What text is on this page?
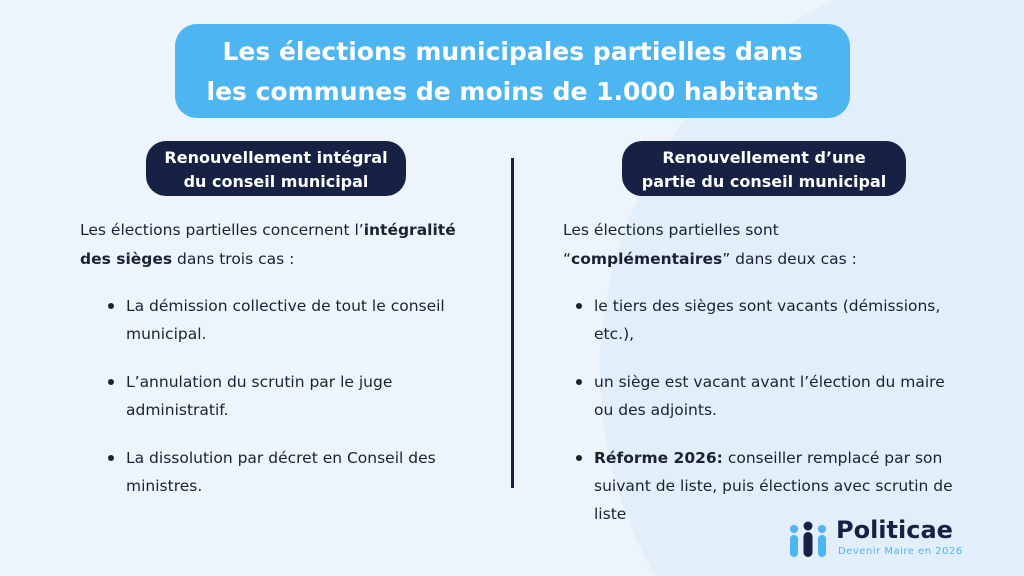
Les élections municipales partielles dans
les communes de moins de 1.000 habitants
Renouvellement intégral
du conseil municipal
Les élections partielles concernent l’intégralité
des sièges dans trois cas :
La démission collective de tout le conseil municipal.
L’annulation du scrutin par le juge administratif.
La dissolution par décret en Conseil des ministres.
Renouvellement d’une
partie du conseil municipal
Les élections partielles sont
“complémentaires” dans deux cas :
le tiers des sièges sont vacants (démissions, etc.),
un siège est vacant avant l’élection du maire ou des adjoints.
Réforme 2026: conseiller remplacé par son suivant de liste, puis élections avec scrutin de liste
Politicae
Devenir Maire en 2026
